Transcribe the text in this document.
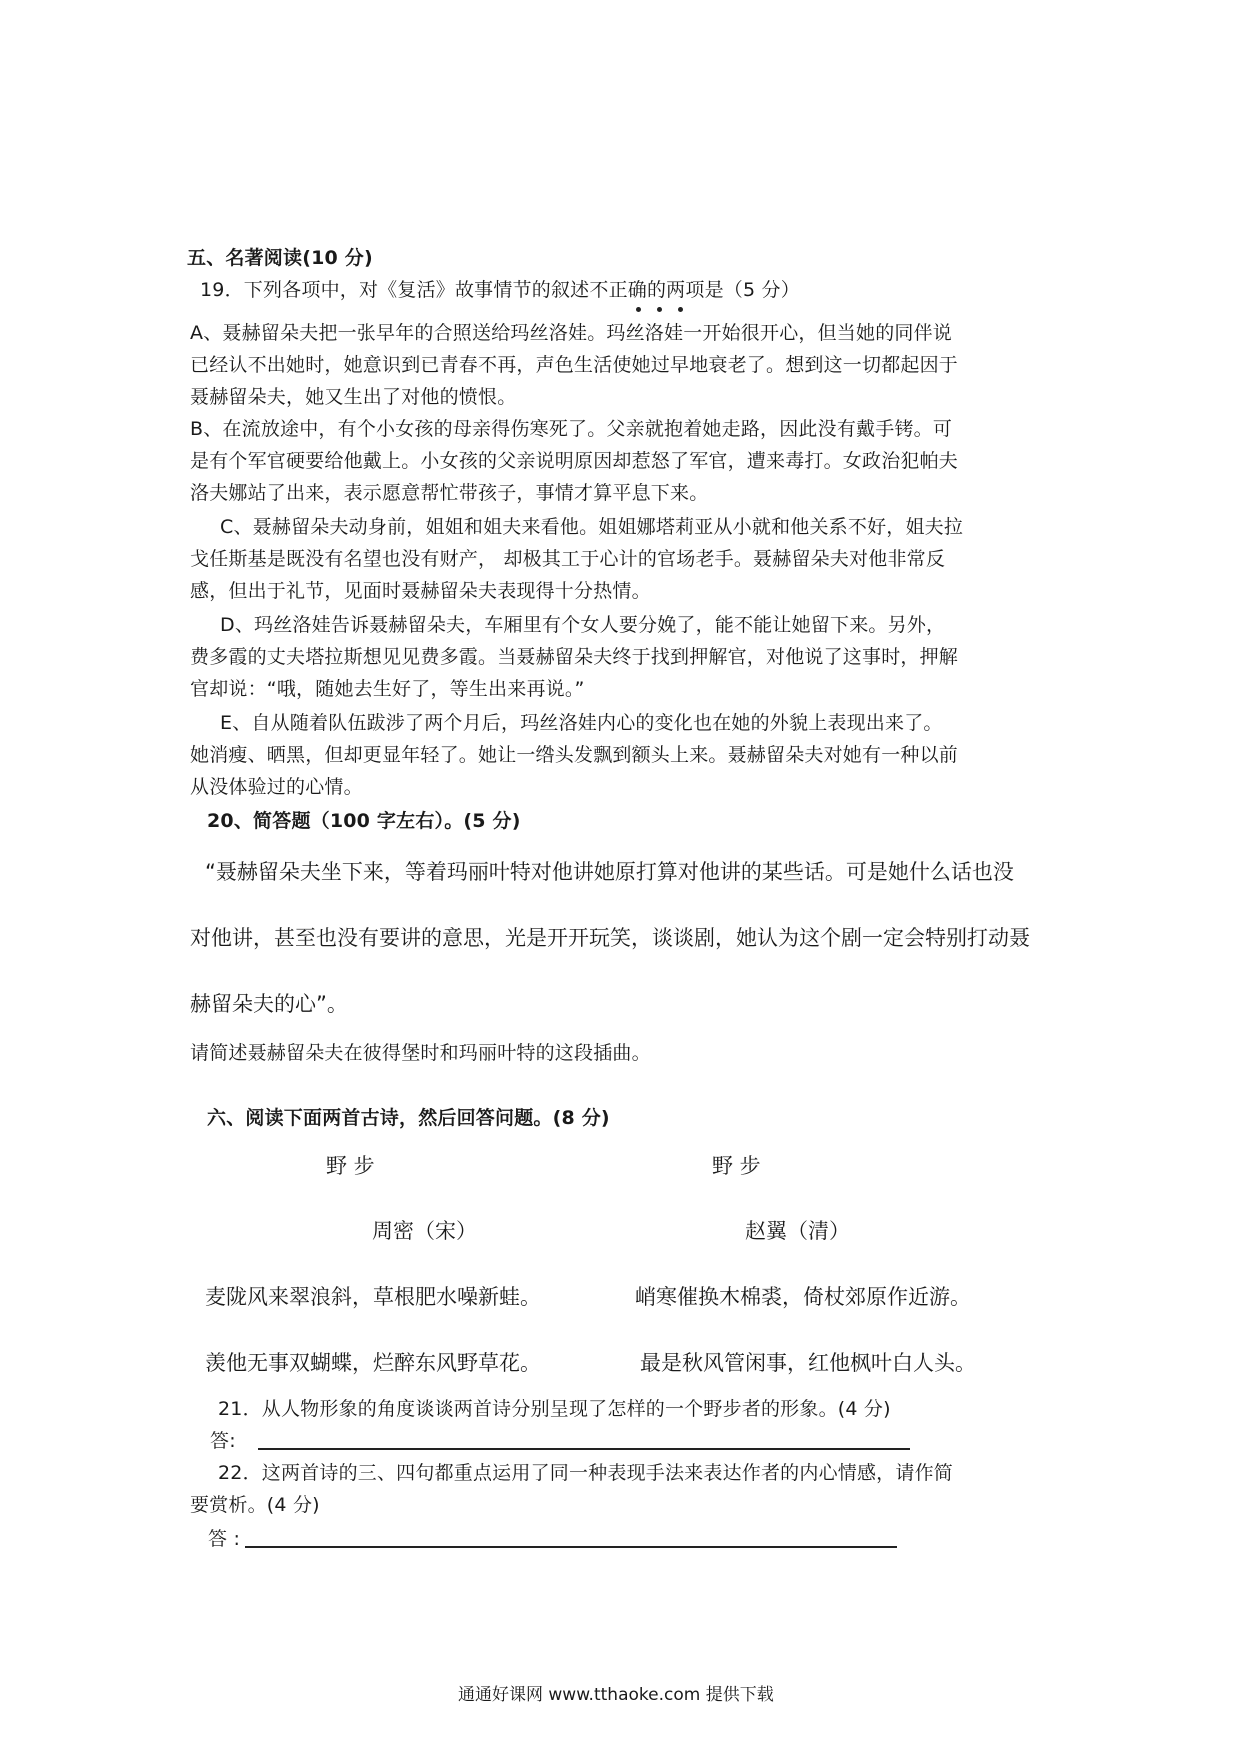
五、名著阅读(10 分)
19．下列各项中，对《复活》故事情节的叙述不正确的两项是（5 分）
A、聂赫留朵夫把一张早年的合照送给玛丝洛娃。玛丝洛娃一开始很开心，但当她的同伴说
已经认不出她时，她意识到已青春不再，声色生活使她过早地衰老了。想到这一切都起因于
聂赫留朵夫，她又生出了对他的愤恨。
B、在流放途中，有个小女孩的母亲得伤寒死了。父亲就抱着她走路，因此没有戴手铐。可
是有个军官硬要给他戴上。小女孩的父亲说明原因却惹怒了军官，遭来毒打。女政治犯帕夫
洛夫娜站了出来，表示愿意帮忙带孩子，事情才算平息下来。
C、聂赫留朵夫动身前，姐姐和姐夫来看他。姐姐娜塔莉亚从小就和他关系不好，姐夫拉
戈任斯基是既没有名望也没有财产， 却极其工于心计的官场老手。聂赫留朵夫对他非常反
感，但出于礼节，见面时聂赫留朵夫表现得十分热情。
D、玛丝洛娃告诉聂赫留朵夫，车厢里有个女人要分娩了，能不能让她留下来。另外，
费多霞的丈夫塔拉斯想见见费多霞。当聂赫留朵夫终于找到押解官，对他说了这事时，押解
官却说：“哦，随她去生好了，等生出来再说。”
E、自从随着队伍跋涉了两个月后，玛丝洛娃内心的变化也在她的外貌上表现出来了。
她消瘦、晒黑，但却更显年轻了。她让一绺头发飘到额头上来。聂赫留朵夫对她有一种以前
从没体验过的心情。
20、简答题（100 字左右）。(5 分)
“聂赫留朵夫坐下来，等着玛丽叶特对他讲她原打算对他讲的某些话。可是她什么话也没
对他讲，甚至也没有要讲的意思，光是开开玩笑，谈谈剧，她认为这个剧一定会特别打动聂
赫留朵夫的心”。
请简述聂赫留朵夫在彼得堡时和玛丽叶特的这段插曲。
六、阅读下面两首古诗，然后回答问题。(8 分)
野 步	野 步
周密（宋）	赵翼（清）
麦陇风来翠浪斜，草根肥水噪新蛙。	峭寒催换木棉裘，倚杖郊原作近游。
羡他无事双蝴蝶，烂醉东风野草花。	最是秋风管闲事，红他枫叶白人头。
21．从人物形象的角度谈谈两首诗分别呈现了怎样的一个野步者的形象。(4 分)
答:
22．这两首诗的三、四句都重点运用了同一种表现手法来表达作者的内心情感，请作简
要赏析。(4 分)
答 :
通通好课网 www.tthaoke.com 提供下载
